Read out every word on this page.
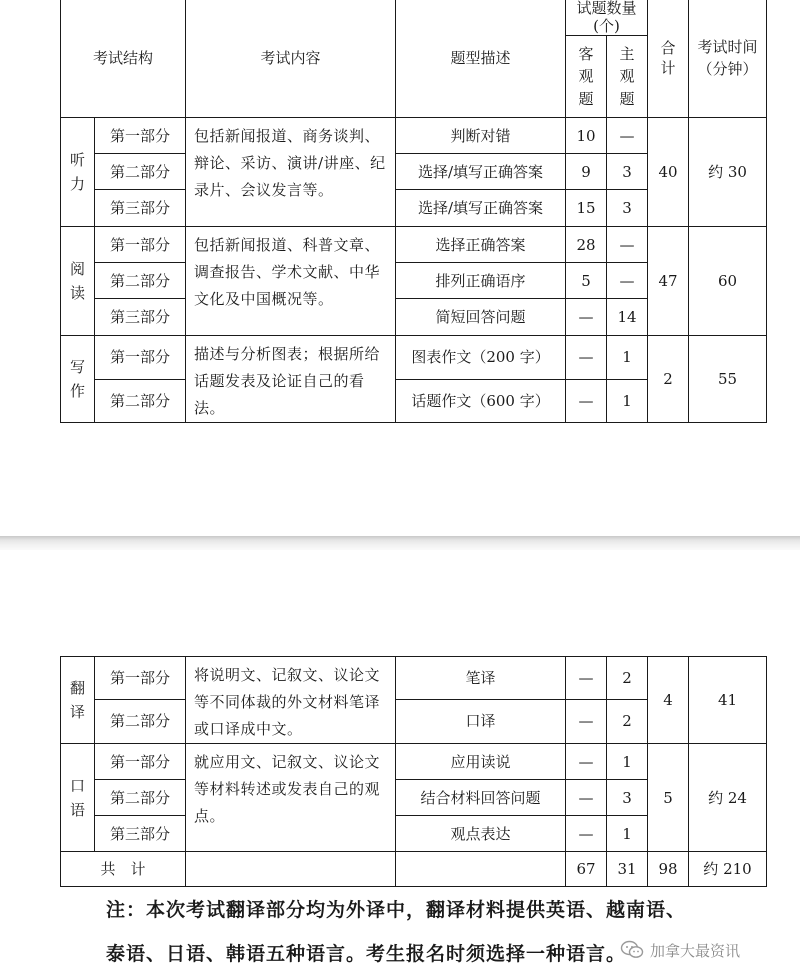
考试结构		考试内容	题型描述	试题数量(个)		合计	考试时间（分钟）

				客观题	主观题		

听力	第一部分	包括新闻报道、商务谈判、辩论、采访、演讲/讲座、纪录片、会议发言等。	判断对错	10	—	40	约 30
	第二部分		选择/填写正确答案	9	3		
	第三部分		选择/填写正确答案	15	3		

阅读	第一部分	包括新闻报道、科普文章、调查报告、学术文献、中华文化及中国概况等。	选择正确答案	28	—	47	60
	第二部分		排列正确语序	5	—		
	第三部分		简短回答问题	—	14		

写作	第一部分	描述与分析图表；根据所给话题发表及论证自己的看法。	图表作文（200 字）	—	1	2	55
	第二部分		话题作文（600 字）	—	1		
翻译	第一部分	将说明文、记叙文、议论文等不同体裁的外文材料笔译或口译成中文。	笔译	—	2	4	41
	第二部分		口译	—	2		

口语	第一部分	就应用文、记叙文、议论文等材料转述或发表自己的观点。	应用读说	—	1	5	约 24
	第二部分		结合材料回答问题	—	3		
	第三部分		观点表达	—	1		
共　计				67	31	98	约 210
注：本次考试翻译部分均为外译中，翻译材料提供英语、越南语、
泰语、日语、韩语五种语言。考生报名时须选择一种语言。	加拿大最资讯
